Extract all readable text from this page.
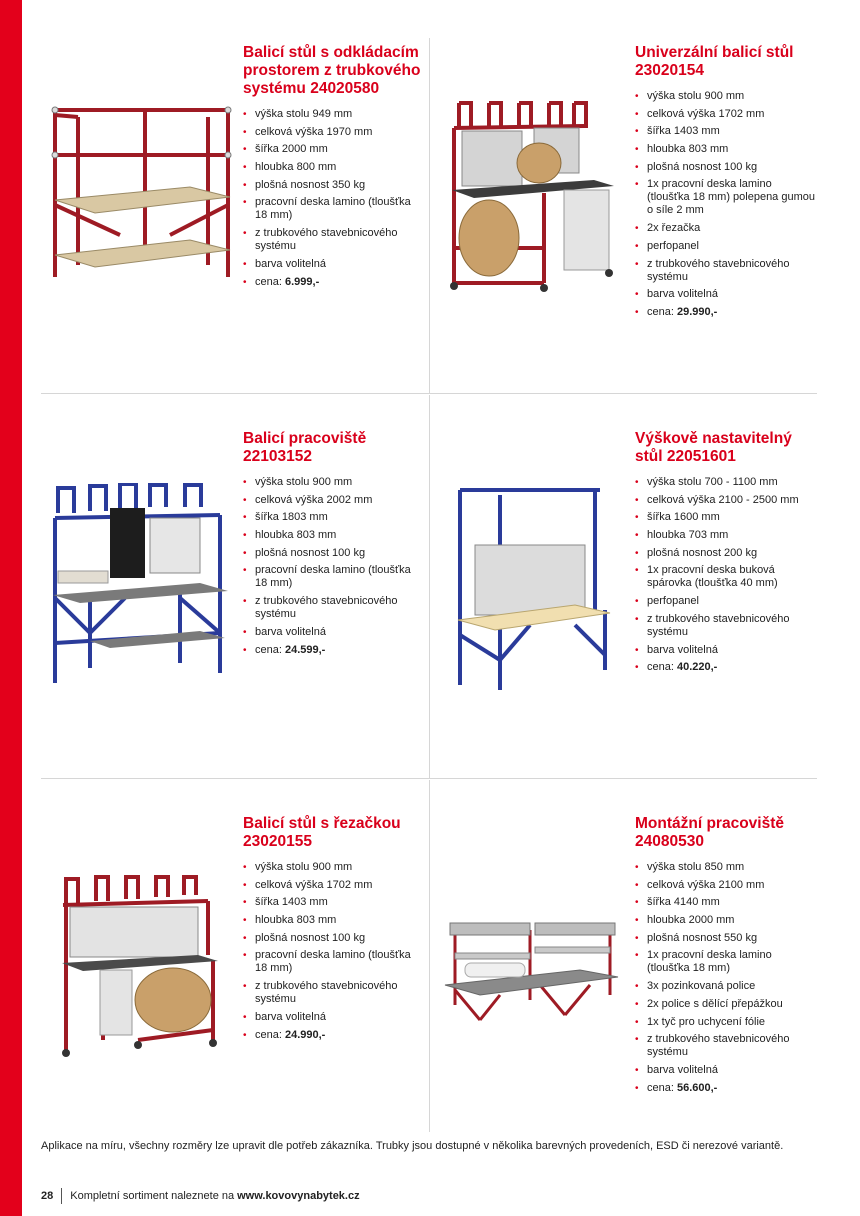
Balicí stůl s odkládacím
prostorem z trubkového
systému 24020580
• výška stolu 949 mm
• celková výška 1970 mm
• šířka 2000 mm
• hloubka 800 mm
• plošná nosnost 350 kg
• pracovní deska lamino (tloušťka 18 mm)
• z trubkového stavebnicového systému
• barva volitelná
• cena: 6.999,-
Univerzální balicí stůl
23020154
• výška stolu 900 mm
• celková výška 1702 mm
• šířka 1403 mm
• hloubka 803 mm
• plošná nosnost 100 kg
• 1x pracovní deska lamino (tloušťka 18 mm) polepena gumou o síle 2 mm
• 2x řezačka
• perfopanel
• z trubkového stavebnicového systému
• barva volitelná
• cena: 29.990,-
Balicí pracoviště
22103152
• výška stolu 900 mm
• celková výška 2002 mm
• šířka 1803 mm
• hloubka 803 mm
• plošná nosnost 100 kg
• pracovní deska lamino (tloušťka 18 mm)
• z trubkového stavebnicového systému
• barva volitelná
• cena: 24.599,-
Výškově nastavitelný
stůl 22051601
• výška stolu 700 - 1100 mm
• celková výška 2100 - 2500 mm
• šířka 1600 mm
• hloubka 703 mm
• plošná nosnost 200 kg
• 1x pracovní deska buková spárovka (tloušťka 40 mm)
• perfopanel
• z trubkového stavebnicového systému
• barva volitelná
• cena: 40.220,-
Balicí stůl s řezačkou
23020155
• výška stolu 900 mm
• celková výška 1702 mm
• šířka 1403 mm
• hloubka 803 mm
• plošná nosnost 100 kg
• pracovní deska lamino (tloušťka 18 mm)
• z trubkového stavebnicového systému
• barva volitelná
• cena: 24.990,-
Montážní pracoviště
24080530
• výška stolu 850 mm
• celková výška 2100 mm
• šířka 4140 mm
• hloubka 2000 mm
• plošná nosnost 550 kg
• 1x pracovní deska lamino (tloušťka 18 mm)
• 3x pozinkovaná police
• 2x police s dělící přepážkou
• 1x tyč pro uchycení fólie
• z trubkového stavebnicového systému
• barva volitelná
• cena: 56.600,-
Aplikace na míru, všechny rozměry lze upravit dle potřeb zákazníka. Trubky jsou dostupné v několika barevných provedeních, ESD či nerezové variantě.
28 Kompletní sortiment naleznete na www.kovovynabytek.cz
